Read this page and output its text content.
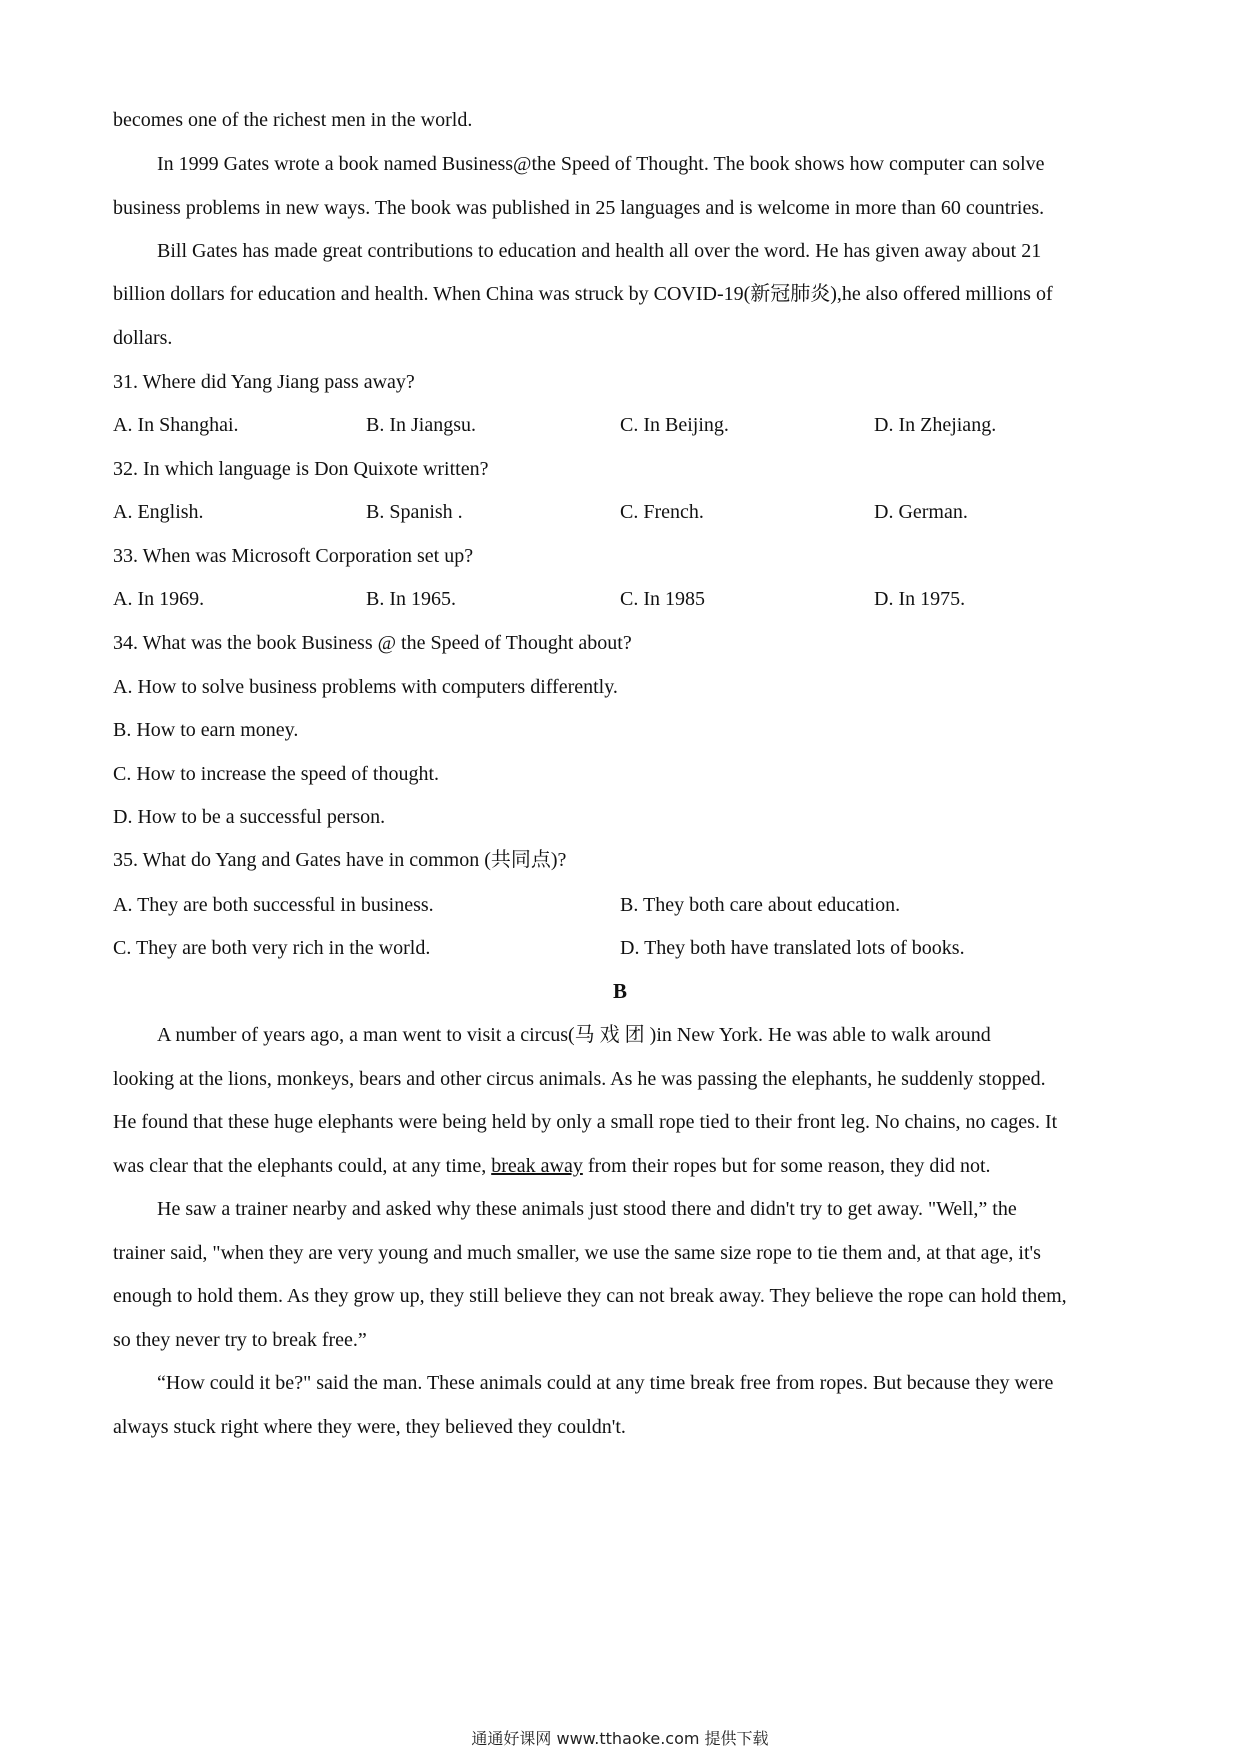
becomes one of the richest men in the world.
In 1999 Gates wrote a book named Business@the Speed of Thought. The book shows how computer can solve
business problems in new ways. The book was published in 25 languages and is welcome in more than 60 countries.
Bill Gates has made great contributions to education and health all over the word. He has given away about 21
billion dollars for education and health. When China was struck by COVID-19(新冠肺炎),he also offered millions of
dollars.
31. Where did Yang Jiang pass away?
A. In Shanghai.	B. In Jiangsu.	C. In Beijing.	D. In Zhejiang.
32. In which language is Don Quixote written?
A. English.	B. Spanish .	C. French.	D. German.
33. When was Microsoft Corporation set up?
A. In 1969.	B. In 1965.	C. In 1985	D. In 1975.
34. What was the book Business @ the Speed of Thought about?
A. How to solve business problems with computers differently.
B. How to earn money.
C. How to increase the speed of thought.
D. How to be a successful person.
35. What do Yang and Gates have in common (共同点)?
A. They are both successful in business.	B. They both care about education.
C. They are both very rich in the world.	D. They both have translated lots of books.
B
A number of years ago, a man went to visit a circus(马 戏 团 )in New York. He was able to walk around
looking at the lions, monkeys, bears and other circus animals. As he was passing the elephants, he suddenly stopped.
He found that these huge elephants were being held by only a small rope tied to their front leg. No chains, no cages. It
was clear that the elephants could, at any time, break away from their ropes but for some reason, they did not.
He saw a trainer nearby and asked why these animals just stood there and didn't try to get away. "Well,” the
trainer said, "when they are very young and much smaller, we use the same size rope to tie them and, at that age, it's
enough to hold them. As they grow up, they still believe they can not break away. They believe the rope can hold them,
so they never try to break free.”
“How could it be?" said the man. These animals could at any time break free from ropes. But because they were
always stuck right where they were, they believed they couldn't.
通通好课网 www.tthaoke.com 提供下载
